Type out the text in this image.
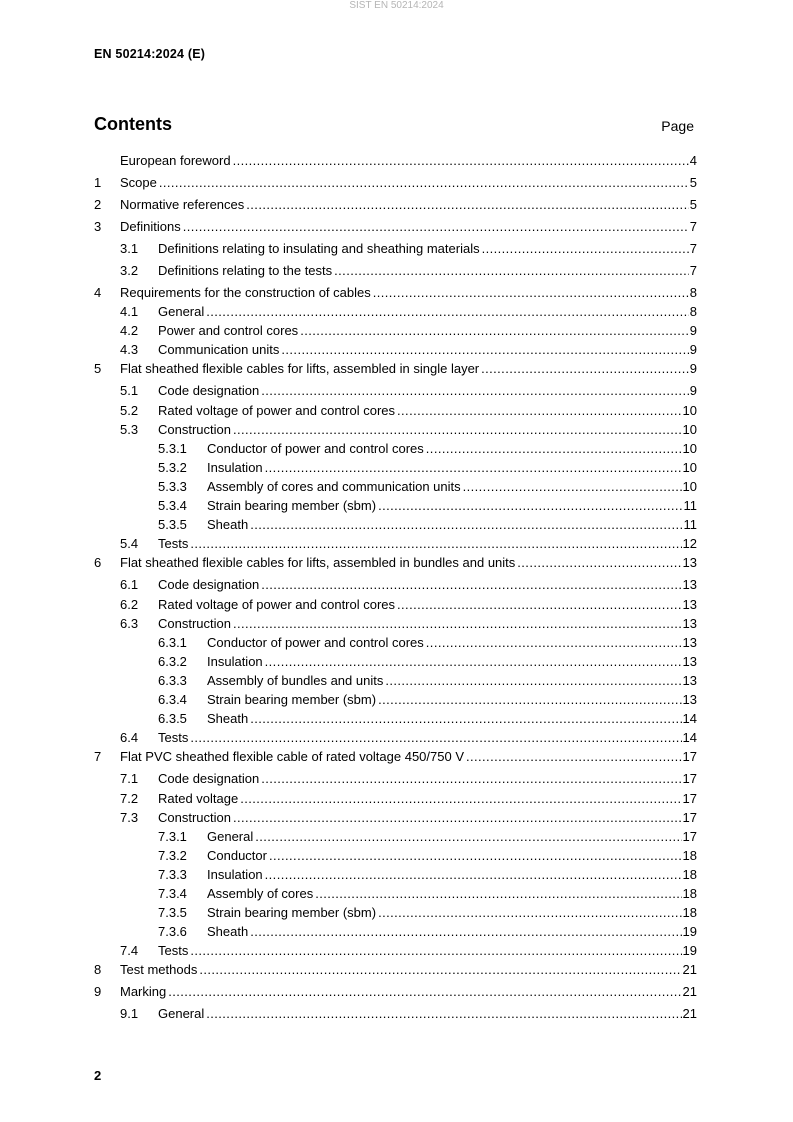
SIST EN 50214:2024
EN 50214:2024 (E)
Contents	Page
European foreword .....	4
1	Scope .....	5
2	Normative references .....	5
3	Definitions .....	7
3.1	Definitions relating to insulating and sheathing materials .....	7
3.2	Definitions relating to the tests .....	7
4	Requirements for the construction of cables .....	8
4.1	General .....	8
4.2	Power and control cores .....	9
4.3	Communication units .....	9
5	Flat sheathed flexible cables for lifts, assembled in single layer .....	9
5.1	Code designation .....	9
5.2	Rated voltage of power and control cores .....	10
5.3	Construction .....	10
5.3.1	Conductor of power and control cores .....	10
5.3.2	Insulation .....	10
5.3.3	Assembly of cores and communication units .....	10
5.3.4	Strain bearing member (sbm) .....	11
5.3.5	Sheath .....	11
5.4	Tests .....	12
6	Flat sheathed flexible cables for lifts, assembled in bundles and units .....	13
6.1	Code designation .....	13
6.2	Rated voltage of power and control cores .....	13
6.3	Construction .....	13
6.3.1	Conductor of power and control cores .....	13
6.3.2	Insulation .....	13
6.3.3	Assembly of bundles and units .....	13
6.3.4	Strain bearing member (sbm) .....	13
6.3.5	Sheath .....	14
6.4	Tests .....	14
7	Flat PVC sheathed flexible cable of rated voltage 450/750 V .....	17
7.1	Code designation .....	17
7.2	Rated voltage .....	17
7.3	Construction .....	17
7.3.1	General .....	17
7.3.2	Conductor .....	18
7.3.3	Insulation .....	18
7.3.4	Assembly of cores .....	18
7.3.5	Strain bearing member (sbm) .....	18
7.3.6	Sheath .....	19
7.4	Tests .....	19
8	Test methods .....	21
9	Marking .....	21
9.1	General .....	21
2
